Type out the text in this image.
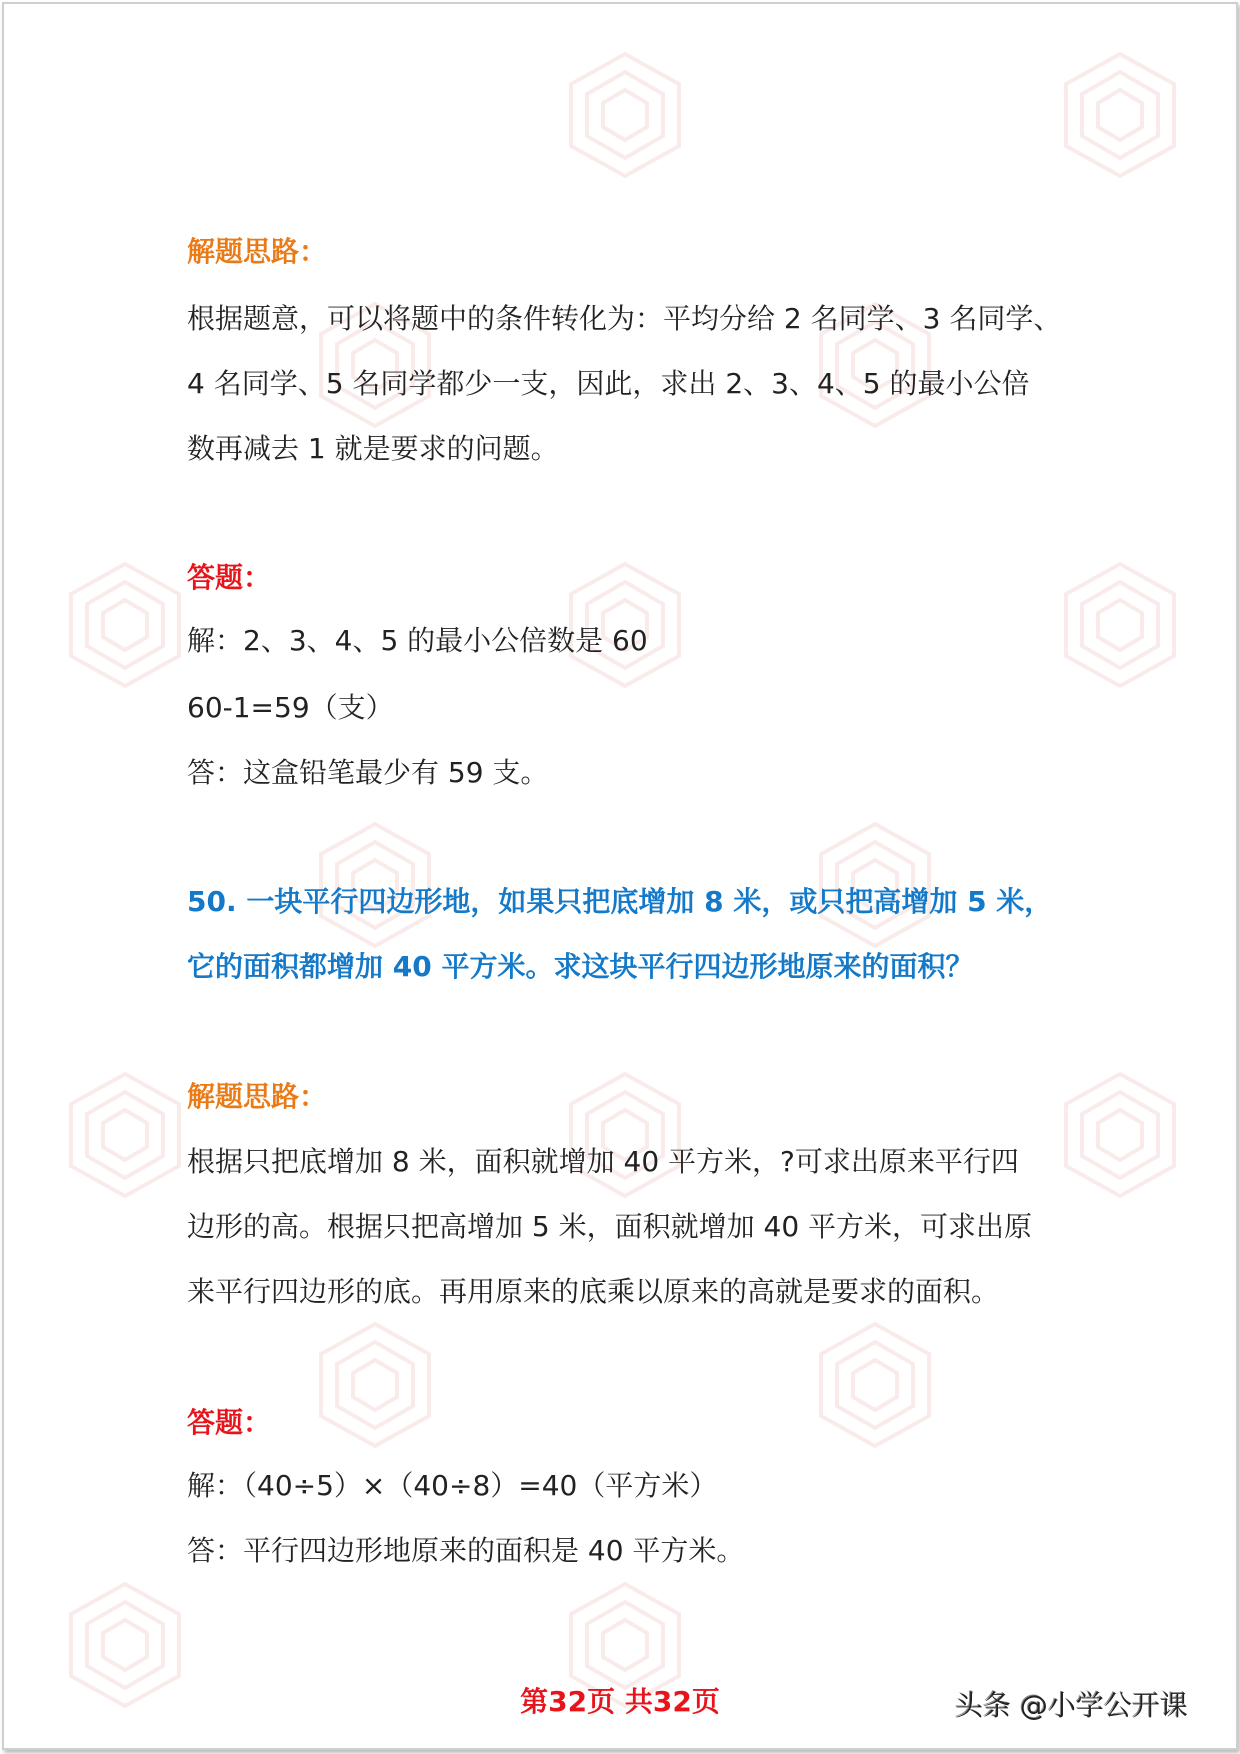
解题思路：
根据题意，可以将题中的条件转化为：平均分给 2 名同学、3 名同学、
4 名同学、5 名同学都少一支，因此，求出 2、3、4、5 的最小公倍
数再减去 1 就是要求的问题。
答题：
解：2、3、4、5 的最小公倍数是 60
60-1=59（支）
答：这盒铅笔最少有 59 支。
50. 一块平行四边形地，如果只把底增加 8 米，或只把高增加 5 米，
它的面积都增加 40 平方米。求这块平行四边形地原来的面积？
解题思路：
根据只把底增加 8 米，面积就增加 40 平方米，?可求出原来平行四
边形的高。根据只把高增加 5 米，面积就增加 40 平方米，可求出原
来平行四边形的底。再用原来的底乘以原来的高就是要求的面积。
答题：
解：（40÷5）×（40÷8）=40（平方米）
答：平行四边形地原来的面积是 40 平方米。
第32页 共32页	头条 @小学公开课
